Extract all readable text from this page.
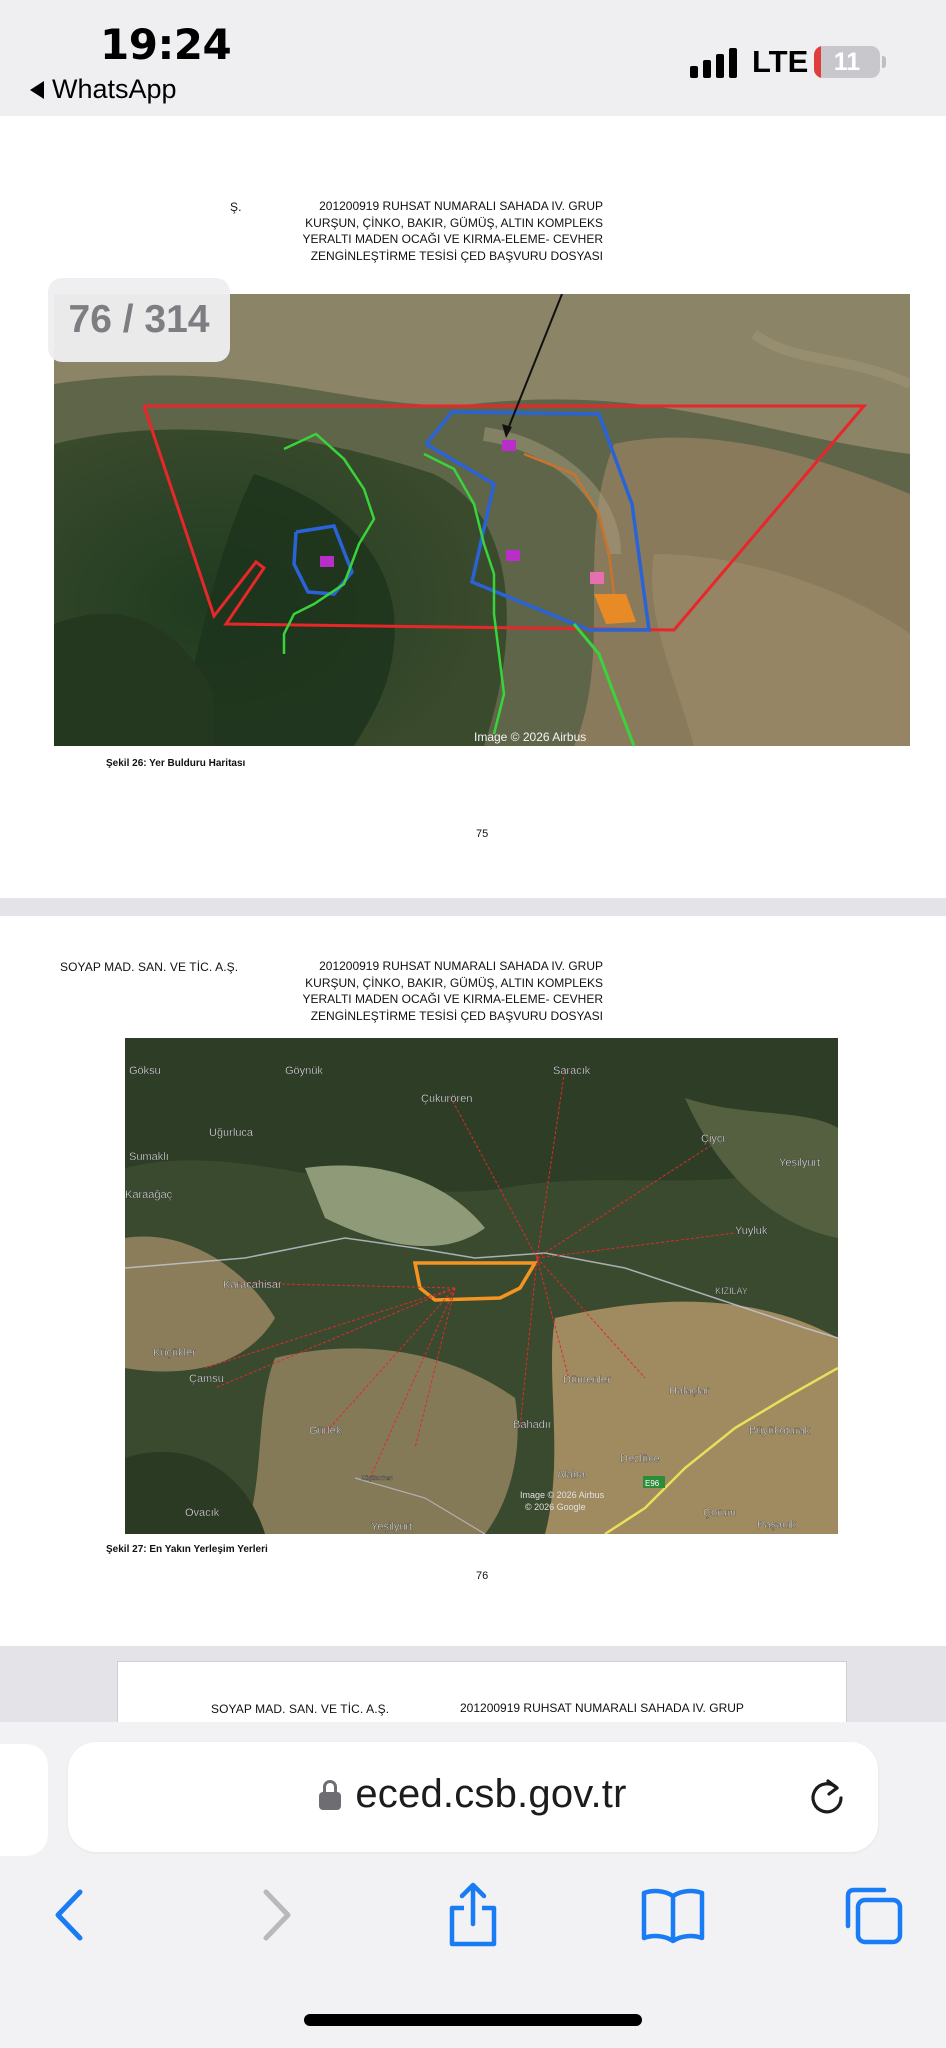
19:24
WhatsApp
LTE	11
Ş.	201200919 RUHSAT NUMARALI SAHADA IV. GRUP
KURŞUN, ÇİNKO, BAKIR, GÜMÜŞ, ALTIN KOMPLEKS
YERALTI MADEN OCAĞI VE KIRMA-ELEME- CEVHER
ZENGİNLEŞTİRME TESİSİ ÇED BAŞVURU DOSYASI
Image © 2026 Airbus
Şekil 26: Yer Bulduru Haritası
75
SOYAP MAD. SAN. VE TİC. A.Ş.	201200919 RUHSAT NUMARALI SAHADA IV. GRUP
KURŞUN, ÇİNKO, BAKIR, GÜMÜŞ, ALTIN KOMPLEKS
YERALTI MADEN OCAĞI VE KIRMA-ELEME- CEVHER
ZENGİNLEŞTİRME TESİSİ ÇED BAŞVURU DOSYASI
Göksu	Göynük	Saracık
Çukurören
Uğurluca
Sumaklı
Karaağaç
Çiyçi
Yeşilyurt
Yuyluk
Karacahisar
Küçükler
Çamsu	Dümenler
Halaçlar
Büyükoturak
Bahadır
Gürlek
Dezlüce
Alaba
Küçükorhan
Ovacık
Yeşilyurt
Çorum
Paşacık
KIZILAY
E96
Image © 2026 Airbus
© 2026 Google
Şekil 27: En Yakın Yerleşim Yerleri
76
SOYAP MAD. SAN. VE TİC. A.Ş.	201200919 RUHSAT NUMARALI SAHADA IV. GRUP
76 / 314
eced.csb.gov.tr
